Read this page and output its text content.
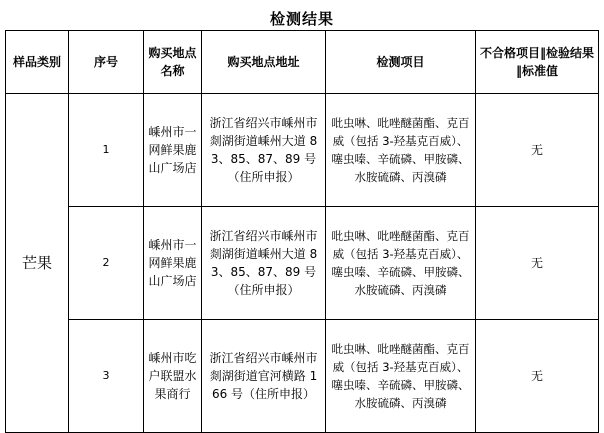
检测结果
样品类别	序号	购买地点名称	购买地点地址	检测项目	不合格项目‖检验结果‖标准值
芒果	1	嵊州市一网鲜果鹿山广场店	浙江省绍兴市嵊州市剡湖街道嵊州大道 83、85、87、89 号（住所申报）	吡虫啉、吡唑醚菌酯、克百威（包括 3-羟基克百威）、噻虫嗪、辛硫磷、甲胺磷、水胺硫磷、丙溴磷	无
	2	嵊州市一网鲜果鹿山广场店	浙江省绍兴市嵊州市剡湖街道嵊州大道 83、85、87、89 号（住所申报）	吡虫啉、吡唑醚菌酯、克百威（包括 3-羟基克百威）、噻虫嗪、辛硫磷、甲胺磷、水胺硫磷、丙溴磷	无
	3	嵊州市吃户联盟水果商行	浙江省绍兴市嵊州市剡湖街道官河横路 166 号（住所申报）	吡虫啉、吡唑醚菌酯、克百威（包括 3-羟基克百威）、噻虫嗪、辛硫磷、甲胺磷、水胺硫磷、丙溴磷	无
